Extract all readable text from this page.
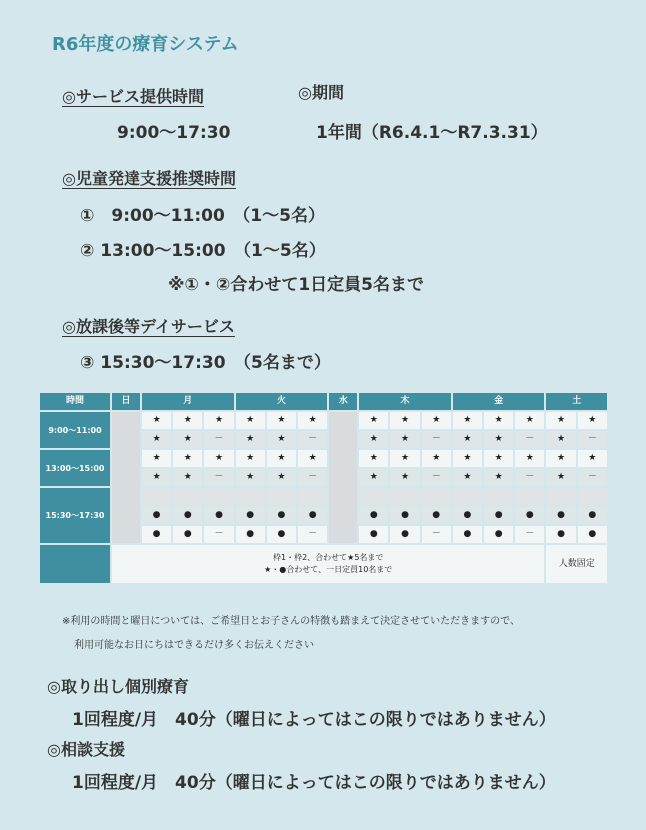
R6年度の療育システム
◎サービス提供時間	◎期間
9:00～17:30	1年間（R6.4.1～R7.3.31）
◎児童発達支援推奨時間
①　9:00～11:00　（1～5名）
② 13:00～15:00　（1～5名）
※①・②合わせて1日定員5名まで
◎放課後等デイサービス
③ 15:30～17:30　（5名まで）
時間	日	月			火			水	木			金			土	
9:00～11:00		★	★	★	★	★	★		★	★	★	★	★	★	★	★
		★	★	－	★	★	－		★	★	－	★	★	－	★	－
13:00～15:00		★	★	★	★	★	★		★	★	★	★	★	★	★	★
		★	★	－	★	★	－		★	★	－	★	★	－	★	－
15:30～17:30																
		●	●	●	●	●	●		●	●	●	●	●	●	●	●
		●	●	－	●	●	－		●	●	－	●	●	－	●	●

	枠1・枠2、合わせて★5名まで
★・●合わせて、一日定員10名まで														人数固定	
※利用の時間と曜日については、ご希望日とお子さんの特徴も踏まえて決定させていただきますので、
利用可能なお日にちはできるだけ多くお伝えください
◎取り出し個別療育
1回程度/月　40分（曜日によってはこの限りではありません）
◎相談支援
1回程度/月　40分（曜日によってはこの限りではありません）
